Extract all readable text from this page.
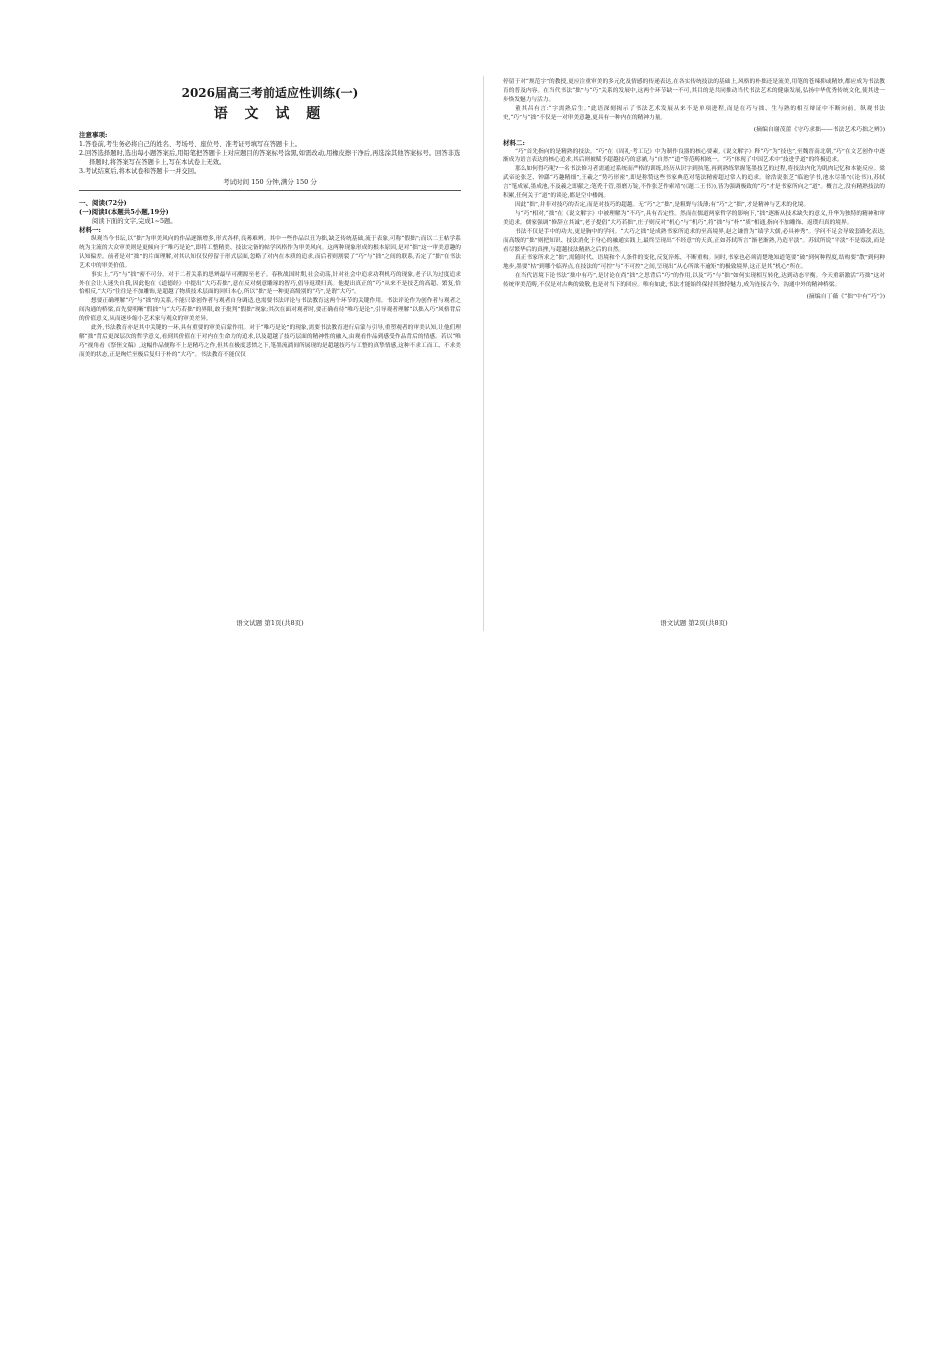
2026届高三考前适应性训练(一)
语 文 试 题
注意事项:
1.答卷前,考生务必将自己的姓名、考场号、座位号、准考证号填写在答题卡上。
2.回答选择题时,选出每小题答案后,用铅笔把答题卡上对应题目的答案标号涂黑,如需改动,用橡皮擦干净后,再选涂其他答案标号。回答非选择题时,将答案写在答题卡上,写在本试卷上无效。
3.考试结束后,将本试卷和答题卡一并交回。
考试时间 150 分钟,满分 150 分
一、阅读(72分)
(一)阅读Ⅰ(本题共5小题,19分)
阅读下面的文字,完成1~5题。
材料一:

纵观当今书坛,以“拙”为审美风向的作品逐渐增多,形式各样,良莠难辨。其中一些作品以丑为拙,缺乏传统基础,流于表象,可称“假拙”;而以二王帖学系统为主流的大众审美则是更倾向于“唯巧是论”,即将工整精美、技法完备的帖学风格作为审美风向。这两种现象形成的根本原因,是对“拙”这一审美意趣的认知偏差。前者是对“拙”的片面理解,对其认知仅仅停留于形式层面,忽略了对内在本质的追求,而后者则割裂了“巧”与“拙”之间的联系,否定了“拙”在书法艺术中的审美价值。

事实上,“巧”与“拙”密不可分。对于二者关系的思辨最早可溯源至老子。春秋战国时期,社会动荡,针对社会中追求功利机巧的现象,老子认为过度追求外在会让人迷失自我,因此他在《道德经》中提出“大巧若拙”,意在反对刻意雕琢的智巧,倡导返璞归真。他提出真正的“巧”从来不是技艺的高超、繁复,恰恰相反,“大巧”往往是不加雕饰,是超越了物质技术层面的回归本心,所以“拙”是一种更高级别的“巧”,是谓“大巧”。

想要正确理解“巧”与“拙”的关系,不能只靠创作者与观者自身调适,也需要书法评论与书法教育这两个环节的关键作用。书法评论作为创作者与观者之间沟通的桥梁,首先要明晰“假拙”与“大巧若拙”的界限,敢于批判“假拙”现象;其次在面对观者时,要正确看待“唯巧是论”,引导观者理解“以拙入巧”风格背后的价值意义,从而逐步缩小艺术家与观众的审美差异。

此外,书法教育亦是其中关键的一环,具有重要的审美启蒙作用。对于“唯巧是论”的现象,需要书法教育进行启蒙与引导,重塑观者的审美认知,让他们理解“拙”背后更深层次的哲学意义,看到其价值在于对内在生命力的追求,以及超越了技巧层面的精神性的融入,由观看作品到感受作品背后的情感。若以“唯巧”视角看《祭侄文稿》,这幅作品便称不上是精巧之作,但其在极度悲愤之下,笔墨流淌间所展现的是超越技巧与工整的真挚情感,这种不求工而工、不求美而美的状态,正是绚烂至极后复归于朴的“大巧”。书法教育不能仅仅

停留于对“规范字”的教授,更应注重审美的多元化及情感的传递表达,在各实传统技法的基础上,风格的朴拙还是流美,用笔的苍辣抑或精妙,都应成为书法教育的普及内容。在当代书法“拙”与“巧”关系的发展中,这两个环节缺一不可,其目的是共同推动当代书法艺术的健康发展,弘扬中华优秀传统文化,使其进一步焕发魅力与活力。

董其昌有言:“字需熟后生。”此语深刻揭示了书法艺术发展从来不是单项进程,而是在巧与拙、生与熟的相互辩证中不断向前。纵观书法史,“巧”与“拙”不仅是一对审美意趣,更具有一种内在的精神力量。

(摘编自谢茂蕾《守巧求拙——书法艺术巧拙之辨》)
材料二:

“巧”首先指向的是精熟的技法。“巧”在《周礼·考工记》中为制作良器的核心要素,《说文解字》释“巧”为“技也”,至魏晋南北朝,“巧”在文艺创作中逐渐成为语言表达的核心追求,其后则被赋予超越技巧的意涵,与“自然”“道”等范畴相统一。“巧”体现了中国艺术中“技进乎道”的终极追求。

那么如何得巧呢?一名书法修习者需通过系统而严格的训练,经历从识字到执笔,再到熟练掌握笔墨技艺的过程,将技法内化为肌肉记忆和本能反应。梁武帝论张芝、钟繇“巧趣精细”,王羲之“势巧形密”,即是称赞这些书家典范对笔法精密超过常人的追求。徐浩说张芝“临池学书,池水尽墨”(《论书》),苏轼言“笔成冢,墨成池,不及羲之即献之;笔秃千管,墨磨万锭,不作张芝作索靖”(《题二王书》),皆为强调极致的“巧”才是书家所向之“道”。概言之,没有精熟技法的积累,任何关于“道”的谈论,都是空中楼阁。

因此“拙”,并非对技巧的否定,而是对技巧的超越。无“巧”之“拙”,是粗野与浅薄;有“巧”之“拙”,才是精神与艺术的化境。

与“巧”相对,“拙”在《说文解字》中被理解为“不巧”,具有否定性。然而在儒道两家哲学的影响下,“拙”逐渐从技术缺失的意义,升华为独特的精神和审美追求。儒家强调“修辞立其诚”,老子提倡“大巧若拙”,庄子则反对“机心”与“机巧”,将“拙”与“朴”“质”相通,指向不加雕饰、返璞归真的境界。

书法不仅是手中的功夫,更是胸中的学问。“大巧之拙”是成熟书家所追求的至高境界,赵之谦曾为“绩学大儒,必具神秀”。学问不足会导致套路化表达,而高级的“拙”则把知识、技法消化于身心的融通实践上,最终呈现出“不经意”的天真,正如苏轼所言“渐老渐熟,乃造平淡”。苏轼所说“平淡”不是寡淡,而是看尽繁华后的真挫,与超越技法精熟之后的自然。

真正书家所求之“拙”,需随时代、语境和个人条件的变化,反复淬炼、不断重构。同时,书家也必须清楚地知道笔要“破”到何种程度,结构要“散”到何种地步,墨要“枯”到哪个临界点,在技法的“可控”与“不可控”之间,呈现出“从心所欲不逾矩”的极致境界,这正是其“机心”所在。

在当代语境下论书法“拙中有巧”,是讨论在尚“拙”之思背后“巧”的作用,以及“巧”与“拙”如何实现相互转化,达到动态平衡。今天重新激活“巧拙”这对传统审美范畴,不仅是对古典的致敬,也是对当下的回应。唯有如此,书法才能始终保持其独特魅力,成为连接古今、沟通中外的精神桥梁。

(摘编自丁薇《“拙”中有“巧”》)
语文试题 第1页(共8页)	语文试题 第2页(共8页)
